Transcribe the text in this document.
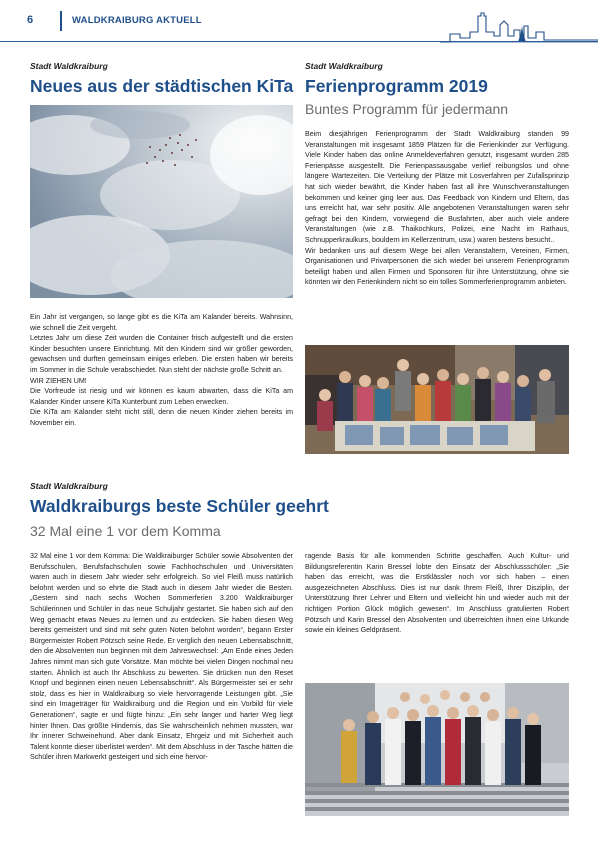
6	WALDKRAIBURG AKTUELL
Stadt Waldkraiburg
Neues aus der städtischen KiTa

Ein Jahr ist vergangen, so lange gibt es die KiTa am Kalander bereits. Wahnsinn, wie schnell die Zeit vergeht.

Letztes Jahr um diese Zeit wurden die Container frisch aufgestellt und die ersten Kinder besuchten unsere Einrichtung. Mit den Kindern sind wir größer geworden, gewachsen und durften gemeinsam einiges erleben. Die ersten haben wir bereits im Sommer in die Schule verabschiedet. Nun steht der nächste große Schritt an.

WIR ZIEHEN UM!

Die Vorfreude ist riesig und wir können es kaum abwarten, dass die KiTa am Kalander Kinder unsere KiTa Kunterbunt zum Leben erwecken.

Die KiTa am Kalander steht nicht still, denn die neuen Kinder ziehen bereits im November ein.

Stadt Waldkraiburg
Ferienprogramm 2019
Buntes Programm für jedermann

Beim diesjährigen Ferienprogramm der Stadt Waldkraiburg standen 99 Veranstaltungen mit insgesamt 1859 Plätzen für die Ferienkinder zur Verfügung. Viele Kinder haben das online Anmeldeverfahren genutzt, insgesamt wurden 285 Ferienpässe ausgestellt. Die Ferienpassausgabe verlief reibungslos und ohne längere Wartezeiten. Die Verteilung der Plätze mit Losverfahren per Zufallsprinzip hat sich wieder bewährt, die Kinder haben fast all ihre Wunschveranstaltungen bekommen und keiner ging leer aus. Das Feedback von Kindern und Eltern, das uns erreicht hat, war sehr positiv. Alle angebotenen Veranstaltungen waren sehr gefragt bei den Kindern, vorwiegend die Busfahrten, aber auch viele andere Veranstaltungen (wie z.B. Thaikochkurs, Polizei, eine Nacht im Rathaus, Schnupperkraulkurs, bouldern im Kellerzentrum, usw.) waren bestens besucht..

Wir bedanken uns auf diesem Wege bei allen Veranstaltern, Vereinen, Firmen, Organisationen und Privatpersonen die sich wieder bei unserem Ferienprogramm beteiligt haben und allen Firmen und Sponsoren für ihre Unterstützung, ohne sie könnten wir den Ferienkindern nicht so ein tolles Sommerferienprogramm anbieten.

Stadt Waldkraiburg
Waldkraiburgs beste Schüler geehrt
32 Mal eine 1 vor dem Komma

32 Mal eine 1 vor dem Komma: Die Waldkraiburger Schüler sowie Absolventen der Berufsschulen, Berufsfachschulen sowie Fachhochschulen und Universitäten waren auch in diesem Jahr wieder sehr erfolgreich. So viel Fleiß muss natürlich belohnt werden und so ehrte die Stadt auch in diesem Jahr wieder die Besten. „Gestern sind nach sechs Wochen Sommerferien 3.200 Waldkraiburger Schülerinnen und Schüler in das neue Schuljahr gestartet. Sie haben sich auf den Weg gemacht etwas Neues zu lernen und zu entdecken. Sie haben diesen Weg bereits gemeistert und sind mit sehr guten Noten belohnt worden“, begann Erster Bürgermeister Robert Pötzsch seine Rede. Er verglich den neuen Lebensabschnitt, den die Absolventen nun beginnen mit dem Jahreswechsel: „Am Ende eines Jeden Jahres nimmt man sich gute Vorsätze. Man möchte bei vielen Dingen nochmal neu starten. Ähnlich ist auch Ihr Abschluss zu bewerten. Sie drücken nun den Reset Knopf und beginnen einen neuen Lebensabschnitt“. Als Bürgermeister sei er sehr stolz, dass es hier in Waldkraiburg so viele hervorragende Leistungen gibt. „Sie sind ein Imageträger für Waldkraiburg und die Region und ein Vorbild für viele Generationen“, sagte er und fügte hinzu: „Ein sehr langer und harter Weg liegt hinter Ihnen. Das größte Hindernis, das Sie wahrscheinlich nehmen mussten, war Ihr innerer Schweinehund. Aber dank Einsatz, Ehrgeiz und mit Sicherheit auch Talent konnte dieser überlistet werden“. Mit dem Abschluss in der Tasche hätten die Schüler ihren Markwerkt gesteigert und sich eine hervor-

ragende Basis für alle kommenden Schritte geschaffen. Auch Kultur- und Bildungsreferentin Karin Bressel lobte den Einsatz der Abschlussschüler: „Sie haben das erreicht, was die Erstklässler noch vor sich haben – einen ausgezeichneten Abschluss. Dies ist nur dank Ihrem Fleiß, Ihrer Disziplin, der Unterstützung Ihrer Lehrer und Eltern und vielleicht hin und wieder auch mit der richtigen Portion Glück möglich gewesen“. Im Anschluss gratulierten Robert Pötzsch und Karin Bressel den Absolventen und überreichten ihnen eine Urkunde sowie ein kleines Geldpräsent.
